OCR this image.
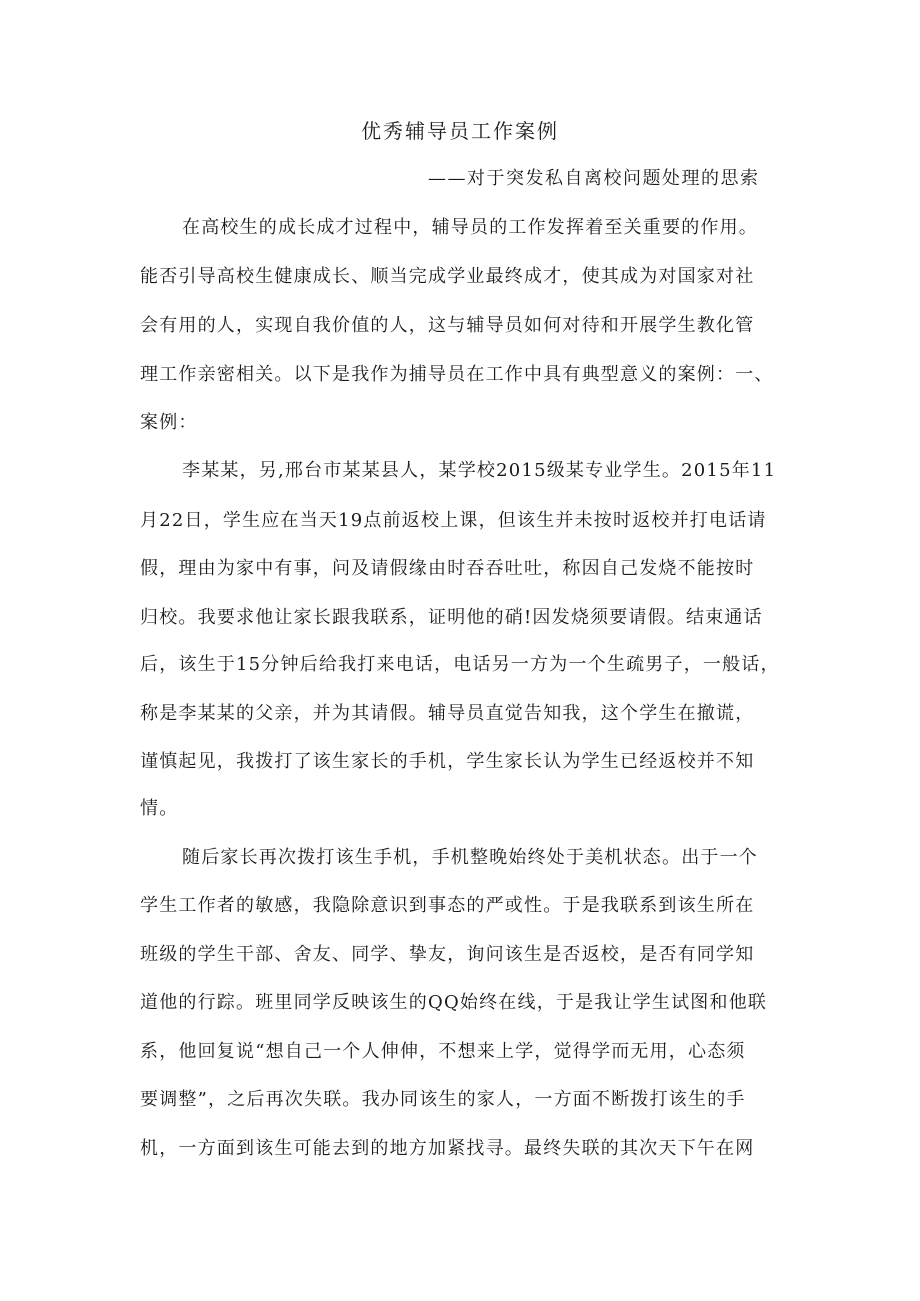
优秀辅导员工作案例
——对于突发私自离校问题处理的思索
在高校生的成长成才过程中，辅导员的工作发挥着至关重要的作用。
能否引导高校生健康成长、顺当完成学业最终成才，使其成为对国家对社
会有用的人，实现自我价值的人，这与辅导员如何对待和开展学生教化管
理工作亲密相关。以下是我作为捕导员在工作中具有典型意义的案例：一、
案例：
李某某，另,邢台市某某县人，某学校2015级某专业学生。2015年11
月22日，学生应在当天19点前返校上课，但该生并未按时返校并打电话请
假，理由为家中有事，问及请假缘由时吞吞吐吐，称因自己发烧不能按时
归校。我要求他让家长跟我联系，证明他的硝!因发烧须要请假。结束通话
后，该生于15分钟后给我打来电话，电话另一方为一个生疏男子，一般话，
称是李某某的父亲，并为其请假。辅导员直觉告知我，这个学生在撤谎，
谨慎起见，我拨打了该生家长的手机，学生家长认为学生已经返校并不知
情。
随后家长再次拨打该生手机，手机整晚始终处于美机状态。出于一个
学生工作者的敏感，我隐除意识到事态的严或性。于是我联系到该生所在
班级的学生干部、舍友、同学、挚友，询问该生是否返校，是否有同学知
道他的行踪。班里同学反映该生的QQ始终在线，于是我让学生试图和他联
系，他回复说“想自己一个人伸伸，不想来上学，觉得学而无用，心态须
要调整”，之后再次失联。我办同该生的家人，一方面不断拨打该生的手
机，一方面到该生可能去到的地方加紧找寻。最终失联的其次天下午在网
